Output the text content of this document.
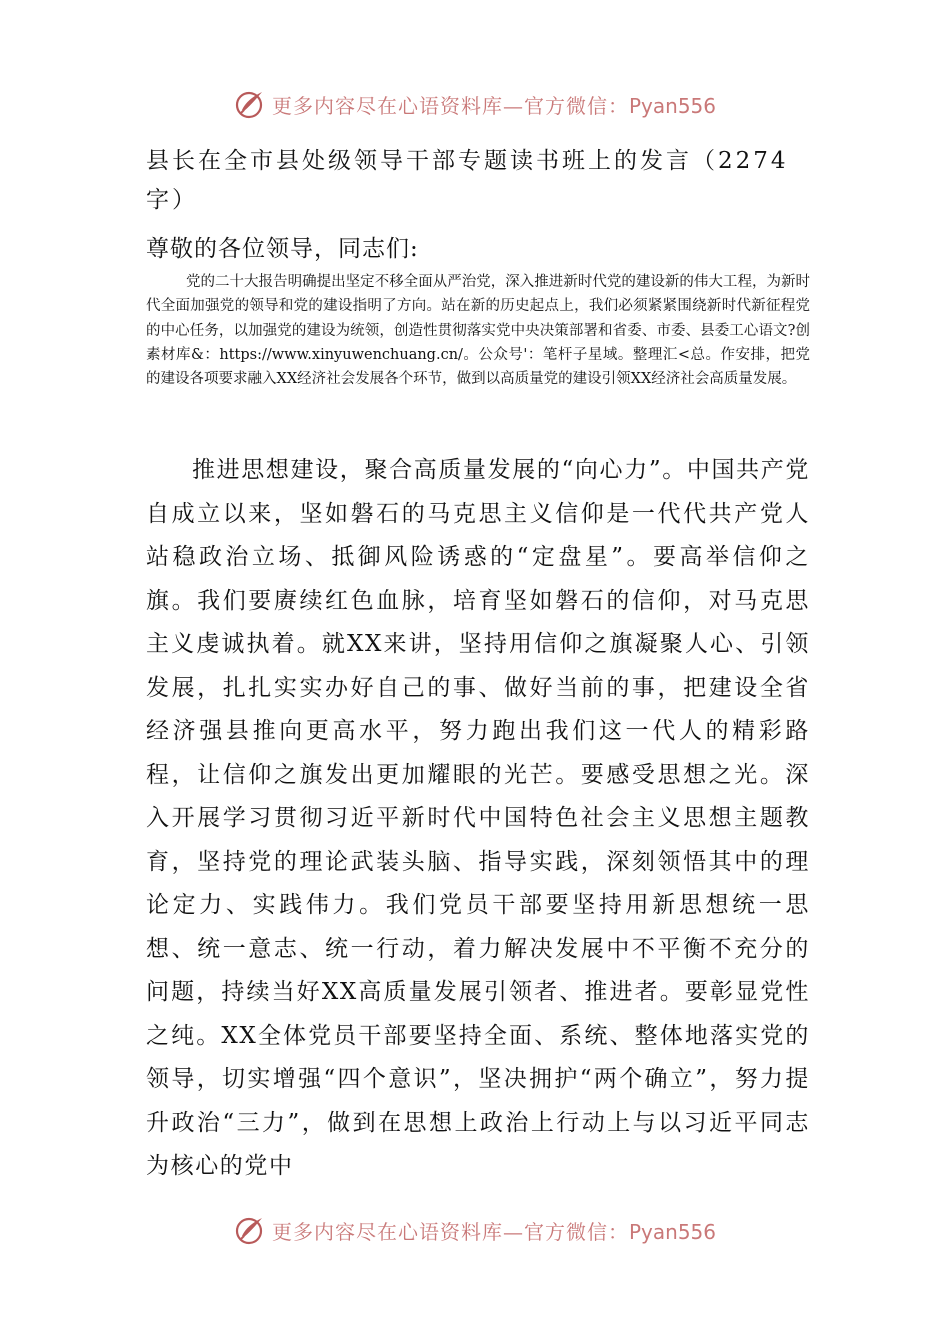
更多内容尽在心语资料库—官方微信：Pyan556
县长在全市县处级领导干部专题读书班上的发言（2274字）

尊敬的各位领导，同志们:

党的二十大报告明确提出坚定不移全面从严治党，深入推进新时代党的建设新的伟大工程，为新时代全面加强党的领导和党的建设指明了方向。站在新的历史起点上，我们必须紧紧围绕新时代新征程党的中心任务，以加强党的建设为统领，创造性贯彻落实党中央决策部署和省委、市委、县委工心语文?创素材库&：https://www.xinyuwenchuang.cn/。公众号'：笔杆子星域。整理汇<总。作安排，把党的建设各项要求融入XX经济社会发展各个环节，做到以高质量党的建设引领XX经济社会高质量发展。

推进思想建设，聚合高质量发展的“向心力”。中国共产党自成立以来，坚如磐石的马克思主义信仰是一代代共产党人站稳政治立场、抵御风险诱惑的“定盘星”。要高举信仰之旗。我们要赓续红色血脉，培育坚如磐石的信仰，对马克思主义虔诚执着。就XX来讲，坚持用信仰之旗凝聚人心、引领发展，扎扎实实办好自己的事、做好当前的事，把建设全省经济强县推向更高水平，努力跑出我们这一代人的精彩路程，让信仰之旗发出更加耀眼的光芒。要感受思想之光。深入开展学习贯彻习近平新时代中国特色社会主义思想主题教育，坚持党的理论武装头脑、指导实践，深刻领悟其中的理论定力、实践伟力。我们党员干部要坚持用新思想统一思想、统一意志、统一行动，着力解决发展中不平衡不充分的问题，持续当好XX高质量发展引领者、推进者。要彰显党性之纯。XX全体党员干部要坚持全面、系统、整体地落实党的领导，切实增强“四个意识”，坚决拥护“两个确立”，努力提升政治“三力”，做到在思想上政治上行动上与以习近平同志为核心的党中

更多内容尽在心语资料库—官方微信：Pyan556
